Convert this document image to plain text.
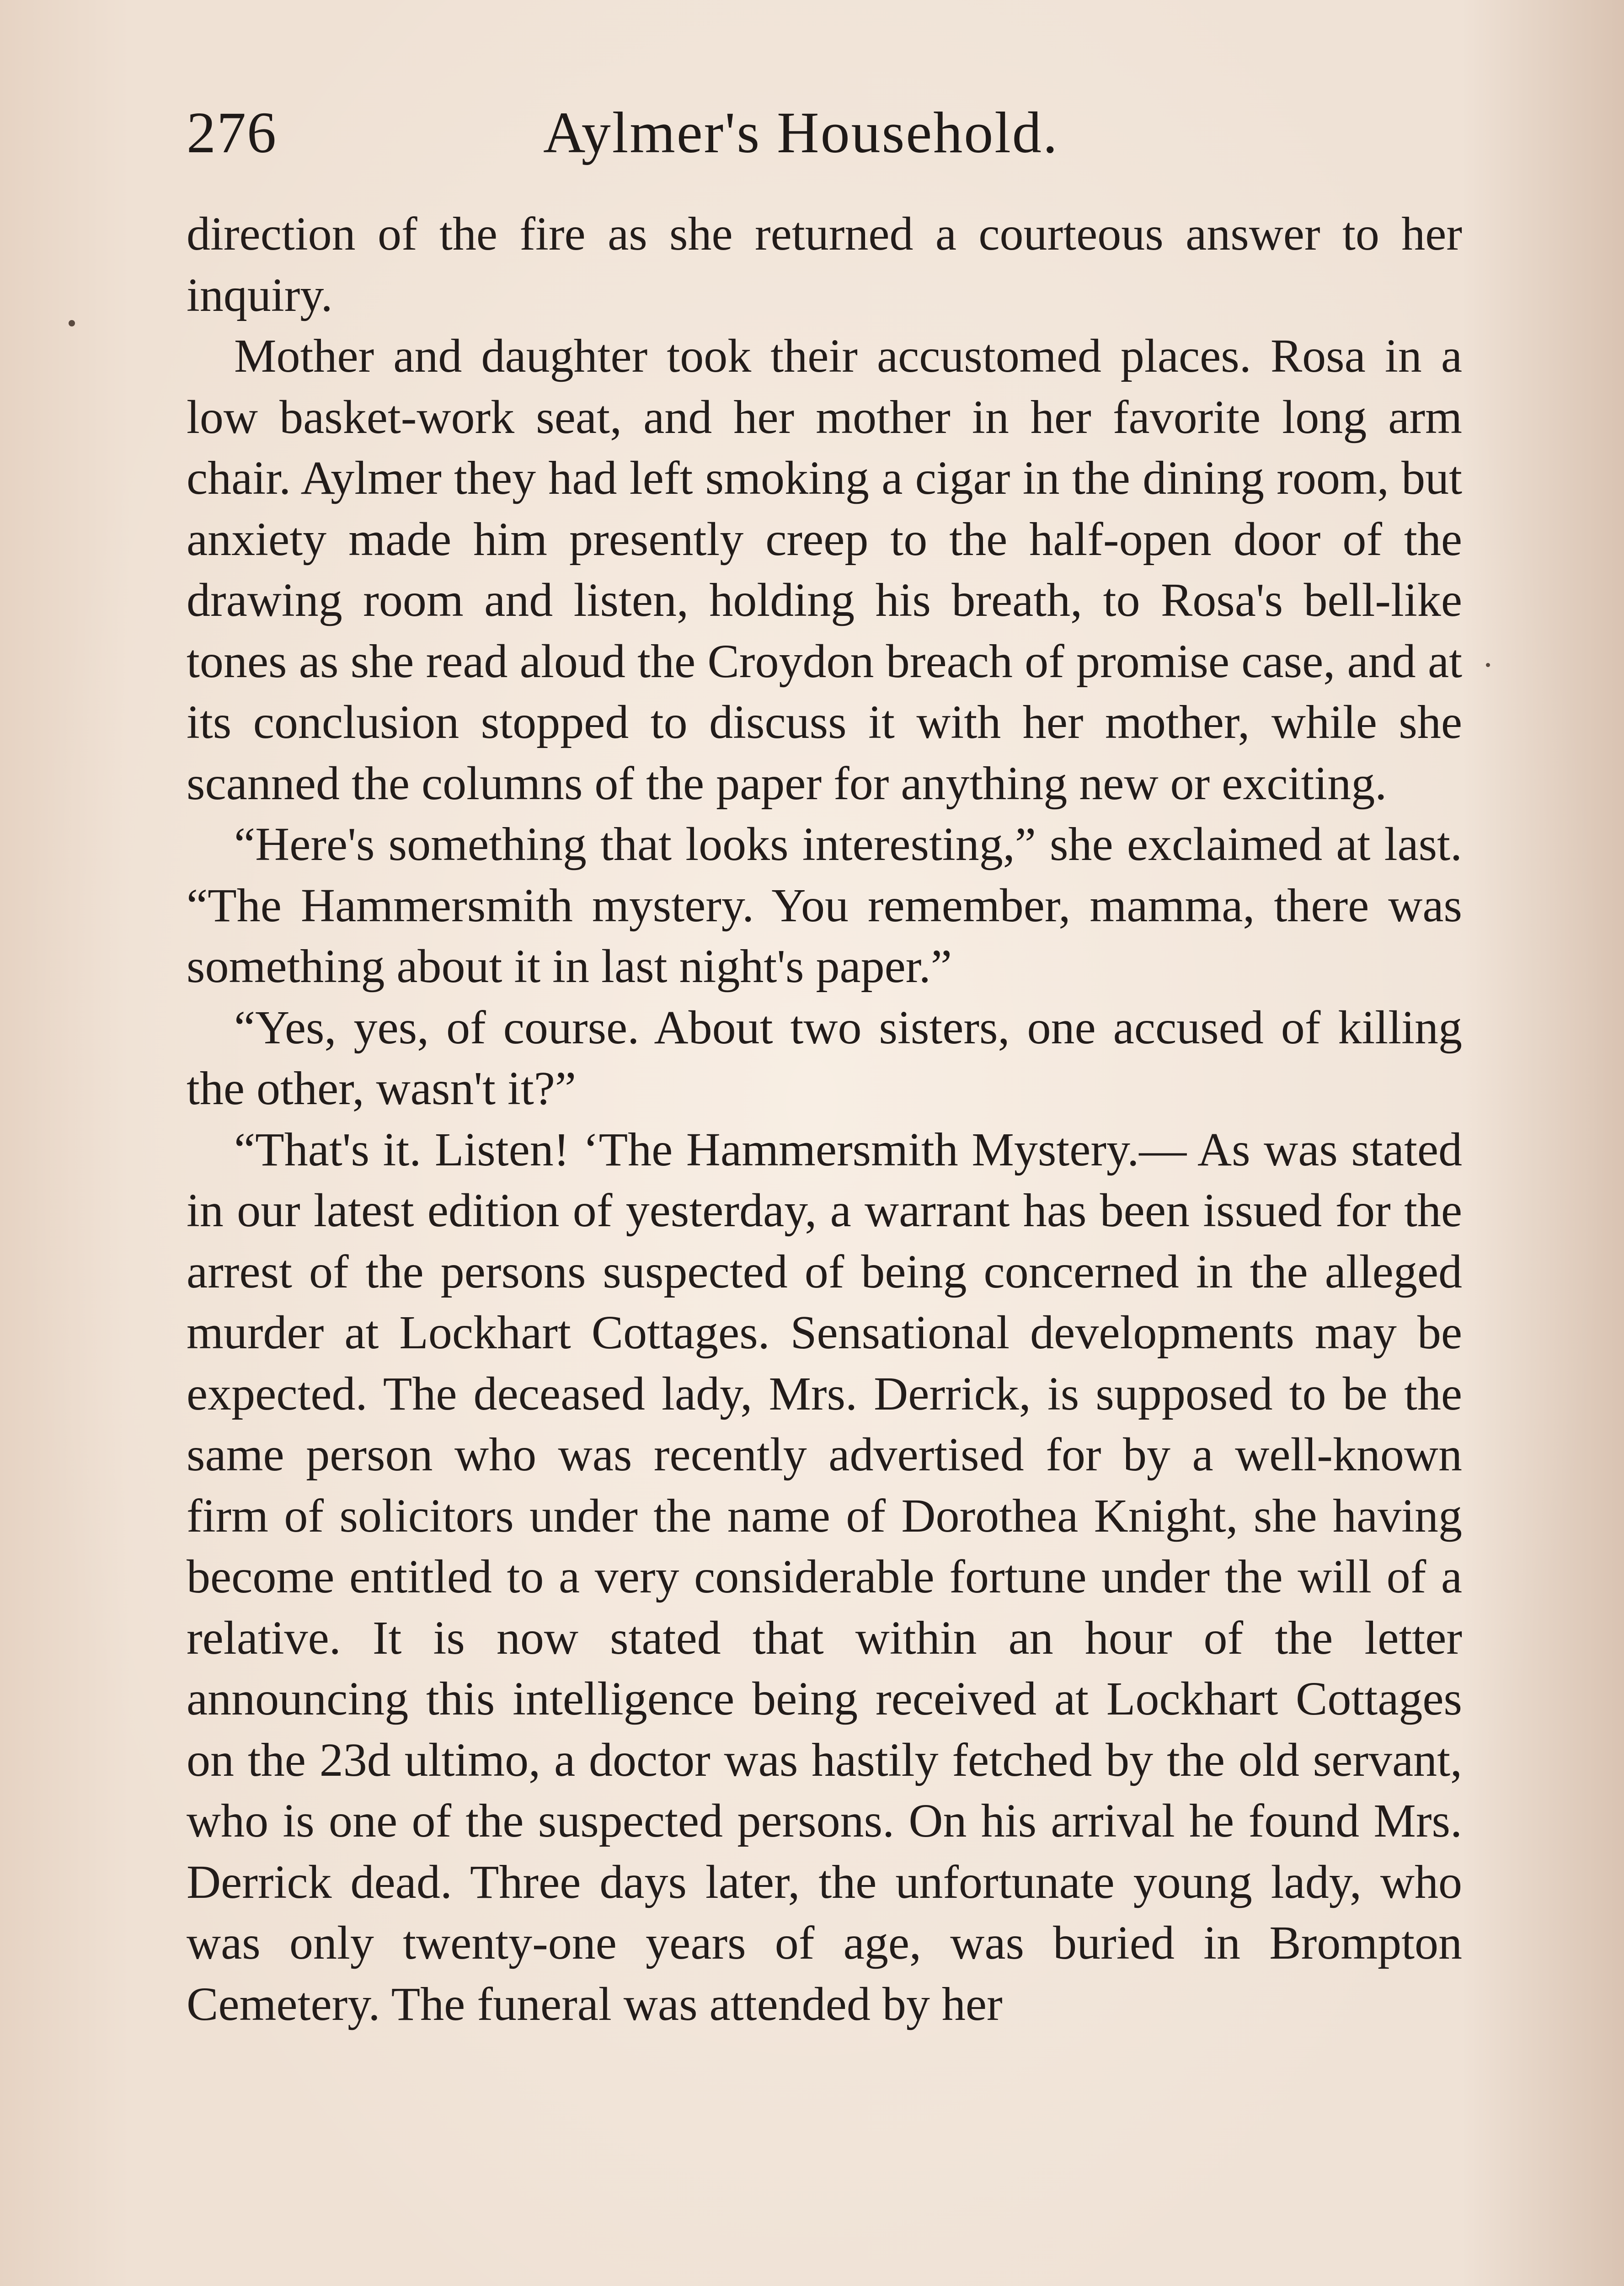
276	Aylmer's Household.

direction of the fire as she returned a courteous answer to her inquiry.

Mother and daughter took their accustomed places. Rosa in a low basket-work seat, and her mother in her favorite long arm chair. Aylmer they had left smoking a cigar in the dining room, but anxiety made him presently creep to the half-open door of the drawing room and listen, holding his breath, to Rosa's bell-like tones as she read aloud the Croydon breach of promise case, and at its conclusion stopped to discuss it with her mother, while she scanned the columns of the paper for anything new or exciting.

“Here's something that looks interesting,” she exclaimed at last. “The Hammersmith mystery. You remember, mamma, there was something about it in last night's paper.”

“Yes, yes, of course. About two sisters, one accused of killing the other, wasn't it?”

“That's it. Listen! ‘The Hammersmith Mystery.— As was stated in our latest edition of yesterday, a warrant has been issued for the arrest of the persons suspected of being concerned in the alleged murder at Lockhart Cottages. Sensational developments may be expected. The deceased lady, Mrs. Derrick, is supposed to be the same person who was recently advertised for by a well-known firm of solicitors under the name of Dorothea Knight, she having become entitled to a very considerable fortune under the will of a relative. It is now stated that within an hour of the letter announcing this intelligence being received at Lockhart Cottages on the 23d ultimo, a doctor was hastily fetched by the old servant, who is one of the suspected persons. On his arrival he found Mrs. Derrick dead. Three days later, the unfortunate young lady, who was only twenty-one years of age, was buried in Brompton Cemetery. The funeral was attended by her
